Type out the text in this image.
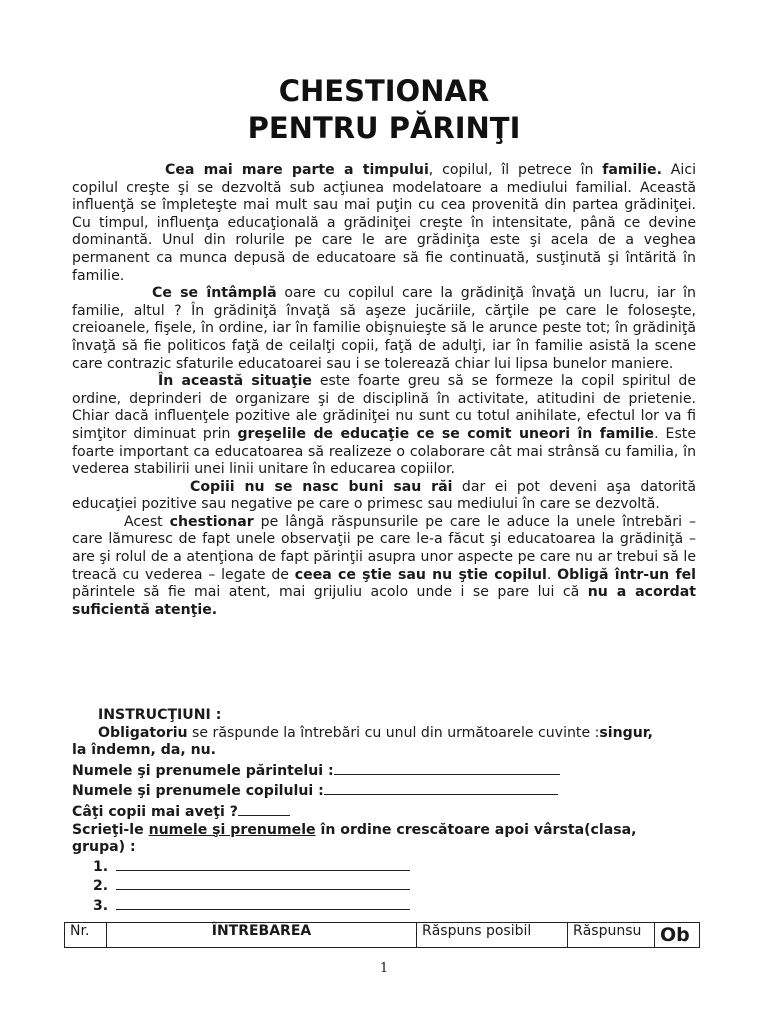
CHESTIONAR
PENTRU PĂRINŢI

Cea mai mare parte a timpului, copilul, îl petrece în familie. Aici copilul creşte şi se dezvoltă sub acţiunea modelatoare a mediului familial. Această influenţă se împleteşte mai mult sau mai puţin cu cea provenită din partea grădiniţei. Cu timpul, influenţa educaţională a grădiniţei creşte în intensitate, până ce devine dominantă. Unul din rolurile pe care le are grădiniţa este şi acela de a veghea permanent ca munca depusă de educatoare să fie continuată, susţinută şi întărită în familie.

Ce se întâmplă oare cu copilul care la grădiniţă învaţă un lucru, iar în familie, altul ? În grădiniţă învaţă să aşeze jucăriile, cărţile pe care le foloseşte, creioanele, fişele, în ordine, iar în familie obişnuieşte să le arunce peste tot; în grădiniţă învaţă să fie politicos faţă de ceilalţi copii, faţă de adulţi, iar în familie asistă la scene care contrazic sfaturile educatoarei sau i se tolerează chiar lui lipsa bunelor maniere.

În această situaţie este foarte greu să se formeze la copil spiritul de ordine, deprinderi de organizare şi de disciplină în activitate, atitudini de prietenie. Chiar dacă influenţele pozitive ale grădiniţei nu sunt cu totul anihilate, efectul lor va fi simţitor diminuat prin greşelile de educaţie ce se comit uneori în familie. Este foarte important ca educatoarea să realizeze o colaborare cât mai strânsă cu familia, în vederea stabilirii unei linii unitare în educarea copiilor.

Copiii nu se nasc buni sau răi dar ei pot deveni aşa datorită educaţiei pozitive sau negative pe care o primesc sau mediului în care se dezvoltă.

Acest chestionar pe lângă răspunsurile pe care le aduce la unele întrebări – care lămuresc de fapt unele observaţii pe care le-a făcut şi educatoarea la grădiniţă – are şi rolul de a atenţiona de fapt părinţii asupra unor aspecte pe care nu ar trebui să le treacă cu vederea – legate de ceea ce ştie sau nu ştie copilul. Obligă într-un fel părintele să fie mai atent, mai grijuliu acolo unde i se pare lui că nu a acordat suficientă atenţie.

INSTRUCŢIUNI :
Obligatoriu se răspunde la întrebări cu unul din următoarele cuvinte :singur,
la îndemn, da, nu.
Numele şi prenumele părintelui :
Numele şi prenumele copilului :
Câţi copii mai aveţi ?
Scrieţi-le numele şi prenumele în ordine crescătoare apoi vârsta(clasa,
grupa) :
1.
2.
3.
Nr.	ÎNTREBAREA	Răspuns posibil	Răspunsu	Ob
1
